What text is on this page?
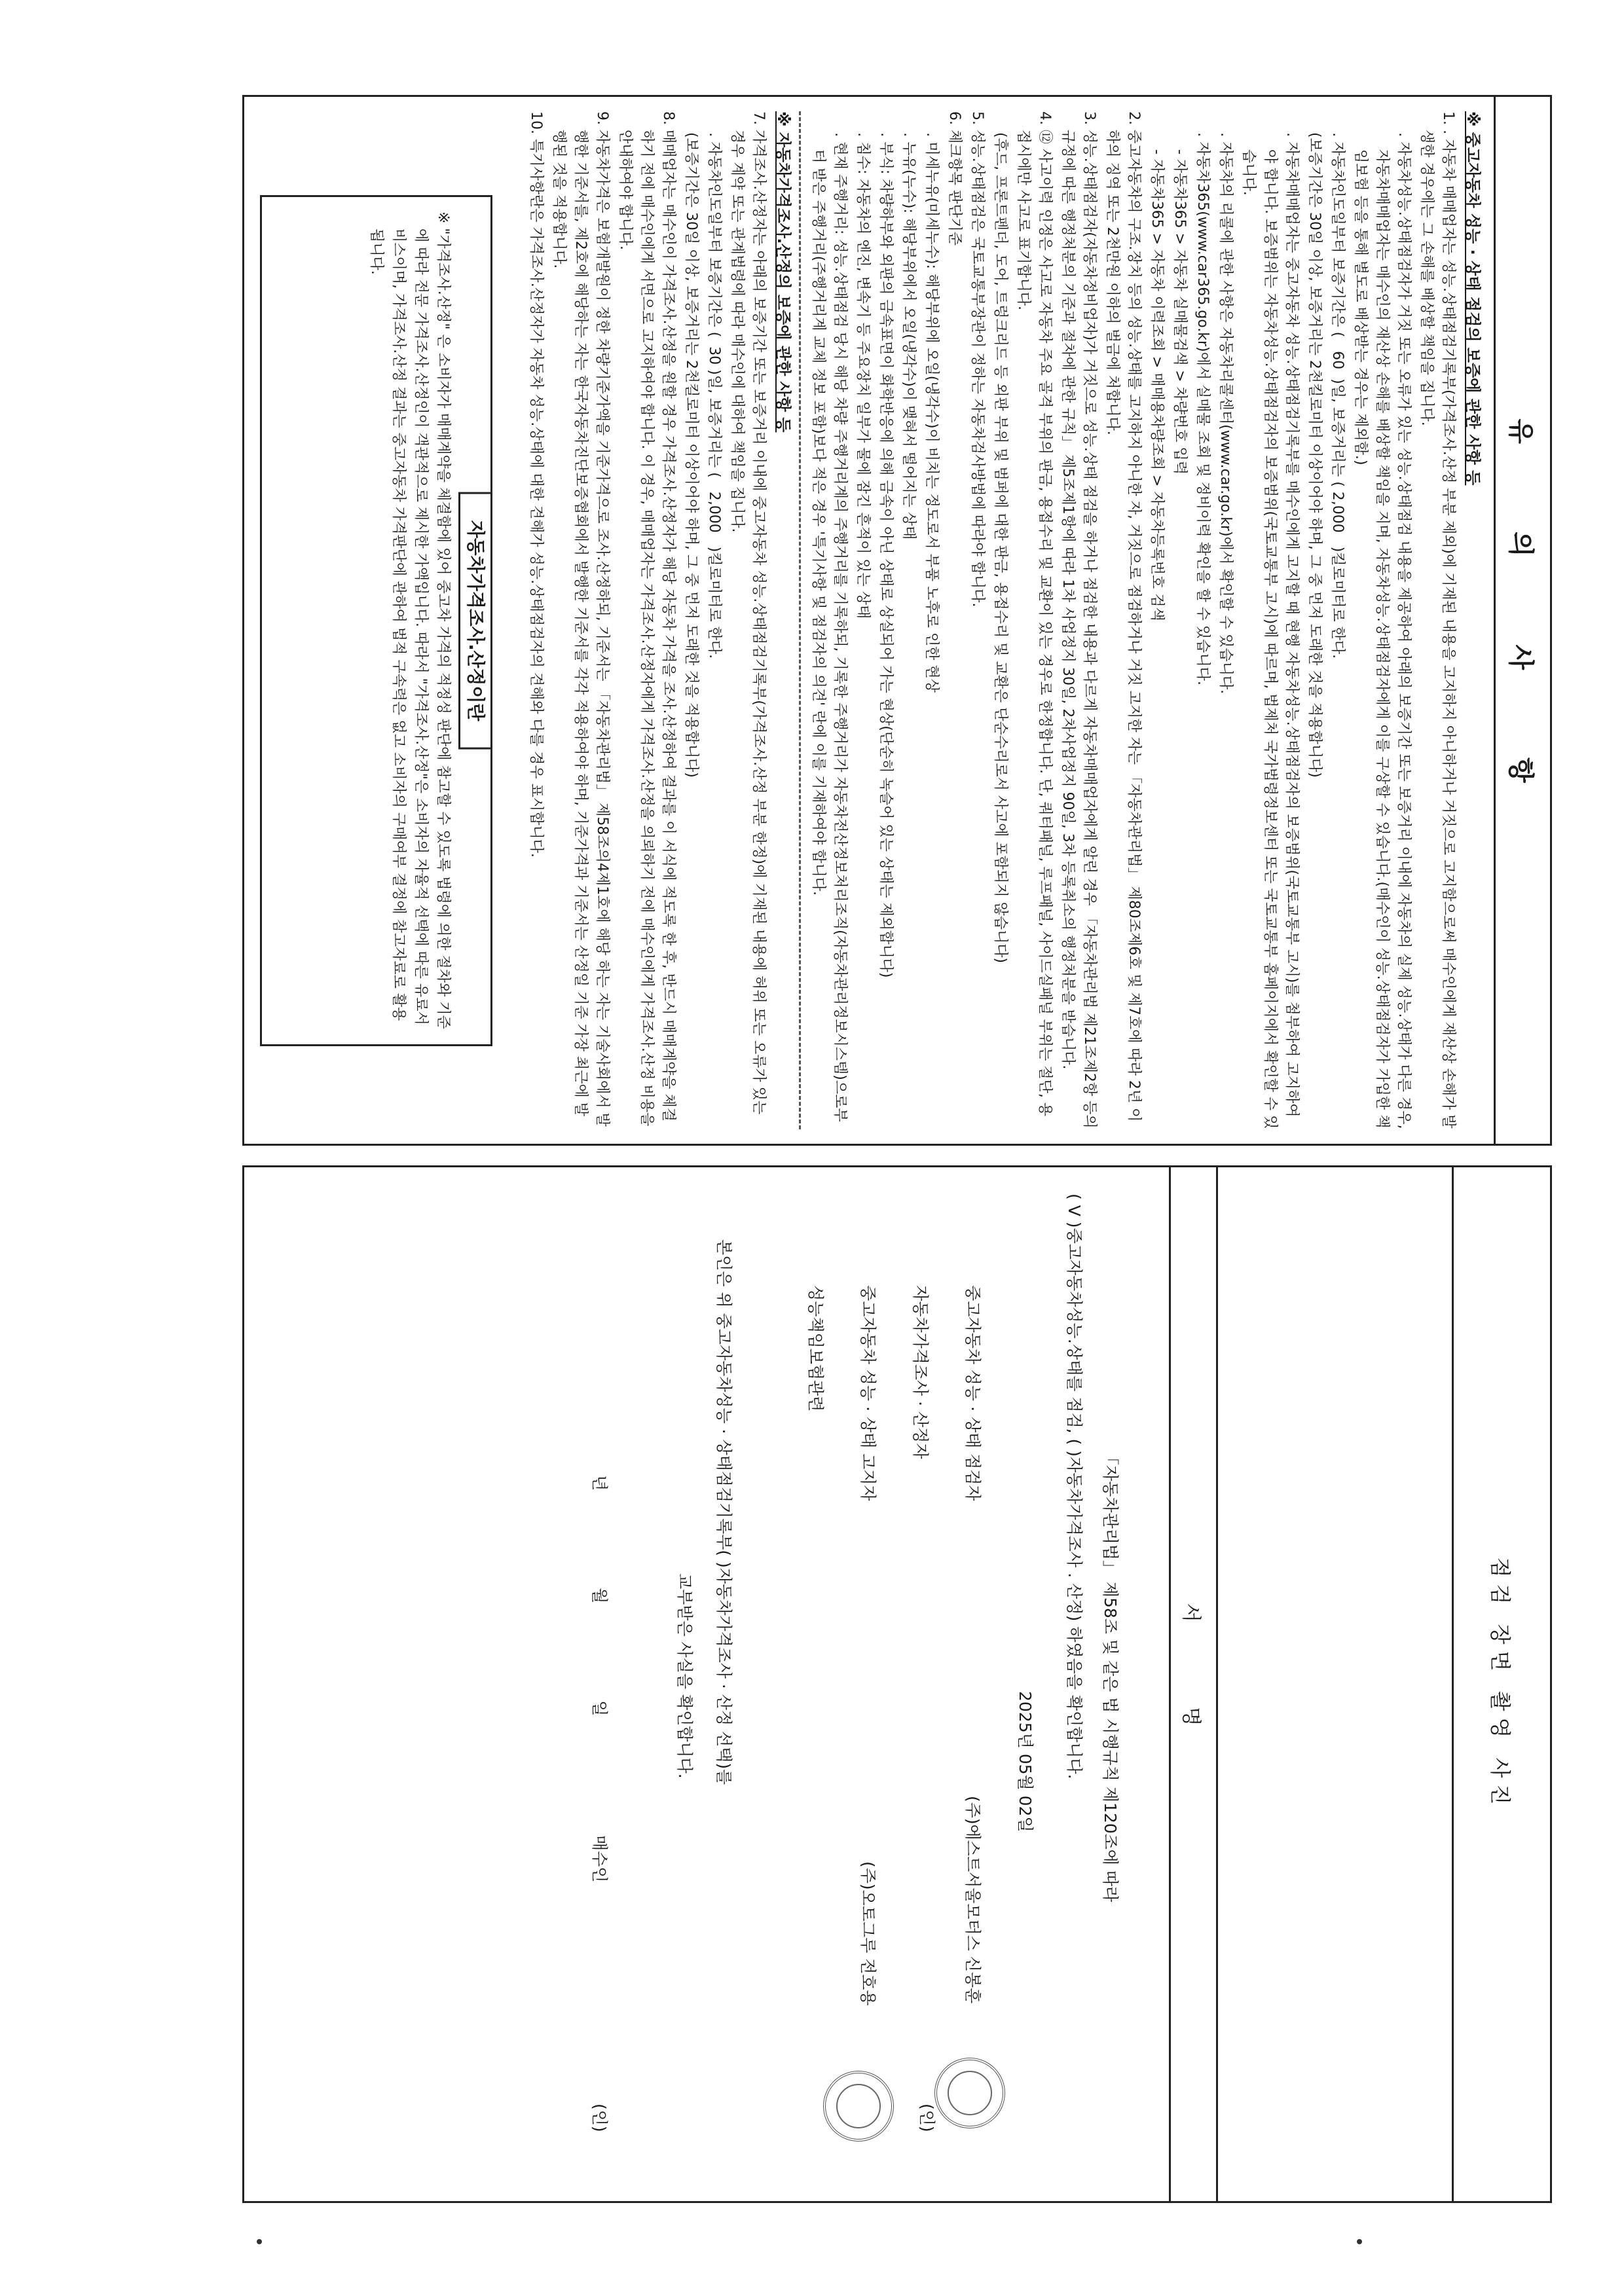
유 의 사 항
※ 중고자동차 성능 · 상태 점검의 보증에 관한 사항 등
1. ․ 자동차 매매업자는 성능․상태점검기록부(가격조사․산정 부분 제외)에 기재된 내용을 고지하지 아니하거나 거짓으로 고지함으로써 매수인에게 재산상 손해가 발생한 경우에는 그 손해를 배상할 책임을 집니다.
․ 자동차성능․상태점검자가 거짓 또는 오류가 있는 성능․상태점검 내용을 제공하여 아래의 보증기간 또는 보증거리 이내에 자동차의 실제 성능․상태가 다른 경우, 자동차매매업자는 매수인의 재산상 손해를 배상할 책임을 지며, 자동차성능․상태점검자에게 이를 구상할 수 있습니다.(매수인이 성능․상태점검자가 가입한 책임보험 등을 통해 별도로 배상받는 경우는 제외함.)
․ 자동차인도일부터 보증기간은 (   60  )일, 보증거리는 ( 2,000   )킬로미터로 한다.
(보증기간은 30일 이상, 보증거리는 2천킬로미터 이상이어야 하며, 그 중 먼저 도래한 것을 적용합니다)
․ 자동차매매업자는 중고자동차 성능․상태점검기록부를 매수인에게 고지할 때 현행 자동차성능․상태점검자의 보증범위(국토교통부 고시)를 첨부하여 고지하여야 합니다. 보증범위는 자동차성능․상태점검자의 보증범위(국토교통부 고시)에 따르며, 법제처 국가법령정보센터 또는 국토교통부 홈페이지에서 확인할 수 있습니다.
․ 자동차의 리콜에 관한 사항은 자동차리콜센터(www.car.go.kr)에서 확인할 수 있습니다.
․ 자동차365(www.car365.go.kr)에서 실매물 조회 및 정비이력 확인을 할 수 있습니다.
- 자동차365 > 자동차 실매물검색 > 차량번호 입력
- 자동차365 > 자동차 이력조회 > 매매용차량조회 > 자동차등록번호 검색
2. 중고자동차의 구조․장치 등의 성능․상태를 고지하지 아니한 자, 거짓으로 점검하거나 거짓 고지한 자는 「자동차관리법」 제80조제6호 및 제7호에 따라 2년 이하의 징역 또는 2천만원 이하의 벌금에 처합니다.
3. 성능․상태점검자(자동차정비업자)가 거짓으로 성능․상태 점검을 하거나 점검한 내용과 다르게 자동차매매업자에게 알린 경우 「자동차관리법 제21조제2항 등의 규정에 따른 행정처분의 기준과 절차에 관한 규칙」 제5조제1항에 따라 1차 사업정지 30일, 2차사업정지 90일, 3차 등록취소의 행정처분을 받습니다.
4. ⑫ 사고이력 인정은 사고로 자동차 주요 골격 부위의 판금, 용접수리 및 교환이 있는 경우로 한정합니다. 단, 쿼터패널, 루프패널, 사이드실패널 부위는 절단, 용접시에만 사고로 표기합니다.
(후드, 프론트펜더, 도어, 트렁크리드 등 외판 부위 및 범퍼에 대한 판금, 용접수리 및 교환은 단순수리로서 사고에 포함되지 않습니다)
5. 성능․상태점검은 국토교통부장관이 정하는 자동차검사방법에 따라야 합니다.
6. 체크항목 판단기준
․ 미세누유(미세누수): 해당부위에 오일(냉각수)이 비치는 정도로서 부품 노후로 인한 현상
․ 누유(누수): 해당부위에서 오일(냉각수)이 맺혀서 떨어지는 상태
․ 부식: 차량하부와 외판의 금속표면이 화학반응에 의해 금속이 아닌 상태로 상실되어 가는 현상(단순히 녹슬어 있는 상태는 제외합니다)
․ 침수: 자동차의 엔진, 변속기 등 주요장치 일부가 물에 잠긴 흔적이 있는 상태
․ 현재 주행거리: 성능․상태점검 당시 해당 차량 주행거리계의 주행거리를 기록하되, 기록한 주행거리가 자동차전산정보처리조직(자동차관리정보시스템)으로부터 받은 주행거리(주행거리계 교체 정보 포함)보다 적은 경우 '특기사항 및 점검자의 의견' 란에 이를 기재하여야 합니다.
※ 자동차가격조사․산정의 보증에 관한 사항 등
7. 가격조사․산정자는 아래의 보증기간 또는 보증거리 이내에 중고자동차 성능․상태점검기록부(가격조사․산정 부분 한정)에 기재된 내용에 허위 또는 오류가 있는 경우 계약 또는 관계법령에 따라 매수인에 대하여 책임을 집니다.
․ 자동차인도일부터 보증기간은 (  30 )일, 보증거리는 (   2,000   )킬로미터로 한다.
(보증기간은 30일 이상, 보증거리는 2천킬로미터 이상이어야 하며, 그 중 먼저 도래한 것을 적용합니다)
8. 매매업자는 매수인이 가격조사․산정을 원할 경우 가격조사․산정자가 해당 자동차 가격을 조사․산정하여 결과를 이 서식에 적도록 한 후, 반드시 매매계약을 체결하기 전에 매수인에게 서면으로 고지하여야 합니다. 이 경우, 매매업자는 가격조사․산정자에게 가격조사․산정을 의뢰하기 전에 매수인에게 가격조사․산정 비용을 안내하여야 합니다.
9. 자동차가격은 보험개발원이 정한 차량기준가액을 기준가격으로 조사․산정하되, 기준서는 「자동차관리법」 제58조의4제1호에 해당 하는 자는 기술사회에서 발행한 기준서를, 제2호에 해당하는 자는 한국자동차진단보증협회에서 발행한 기준서를 각각 적용하여야 하며, 기준가격과 기준서는 산정일 기준 가장 최근에 발행된 것을 적용합니다.
10. 특기사항란은 가격조사․산정자가 자동차 성능․상태에 대한 견해가 성능․상태점검자의 견해와 다를 경우 표시합니다.
자동차가격조사․산정이란
※ "가격조사․산정" 은 소비자가 매매계약을 체결함에 있어 중고차 가격의 적정성 판단에 참고할 수 있도록 법령에 의한 절차와 기준에 따라 전문 가격조사․산정인이 객관적으로 제시한 가액입니다. 따라서 "가격조사․산정"은 소비자의 자율적 선택에 따른 유료서비스이며, 가격조사․산정 결과는 중고자동차 가격판단에 관하여 법적 구속력은 없고 소비자의 구매여부 결정에 참고자료로 활용됩니다.
점검 장면 촬영 사진
서 명
「자동차관리법」 제58조 및 같은 법 시행규칙 제120조에 따라
( V )중고자동차성능․상태를 점검, ( )자동차가격조사 ․ 산정) 하였음을 확인합니다.
2025년 05월 02일
중고자동차 성능 · 상태 점검자
(주)에스트서울모터스 신봉훈
(인)
자동차가격조사 · 산정자
중고자동차 성능 · 상태 고지자
(주)오토그루 전호용
성능책임보험관련
본인은 위 중고자동차성능 · 상태점검기록부( )자동차가격조사 · 산정 선택)를
교부받은 사실을 확인합니다.
년 월 일
매수인
(인)
